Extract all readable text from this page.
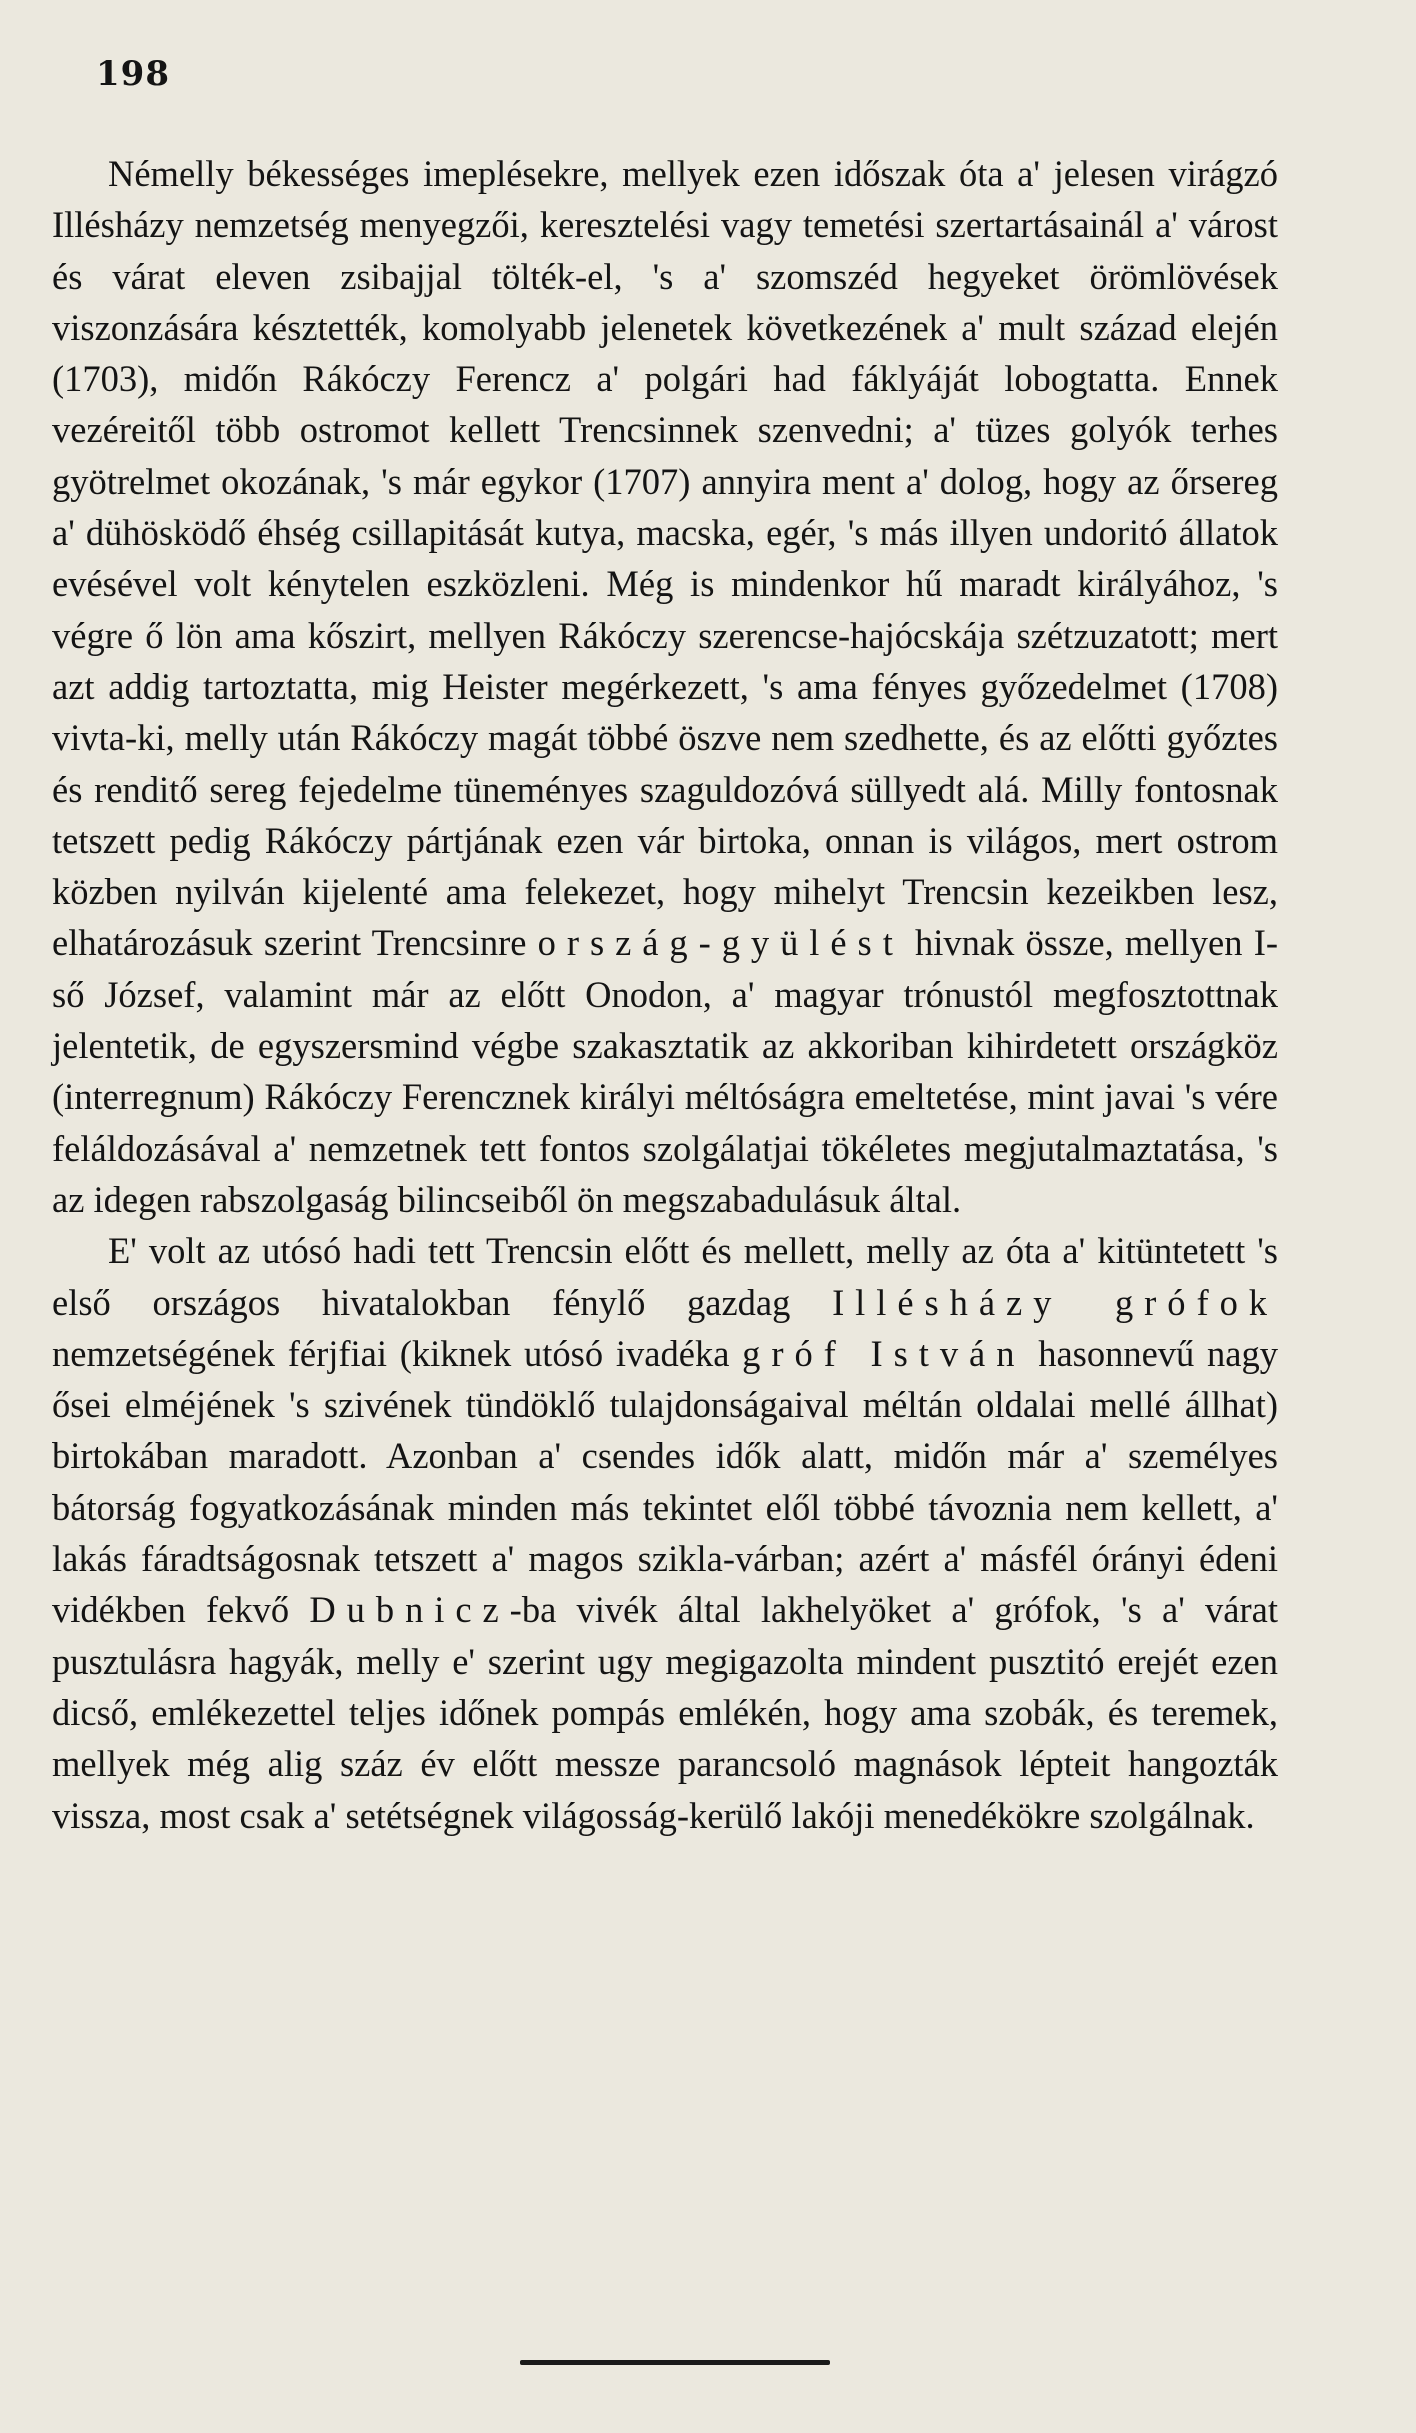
198

Némelly békességes imeplésekre, mellyek ezen időszak óta a' jelesen virágzó Illésházy nemzetség menyegzői, keresztelési vagy temetési szertartásainál a' várost és várat eleven zsibajjal tölték-el, 's a' szomszéd hegyeket örömlövések viszonzására késztették, komolyabb jelenetek következének a' mult század elején (1703), midőn Rákóczy Ferencz a' polgári had fáklyáját lobogtatta. Ennek vezéreitől több ostromot kellett Trencsinnek szenvedni; a' tüzes golyók terhes gyötrelmet okozának, 's már egykor (1707) annyira ment a' dolog, hogy az őrsereg a' dühösködő éhség csillapitását kutya, macska, egér, 's más illyen undoritó állatok evésével volt kénytelen eszközleni. Még is mindenkor hű maradt királyához, 's végre ő lön ama kőszirt, mellyen Rákóczy szerencse-hajócskája szétzuzatott; mert azt addig tartoztatta, mig Heister megérkezett, 's ama fényes győzedelmet (1708) vivta-ki, melly után Rákóczy magát többé öszve nem szedhette, és az előtti győztes és renditő sereg fejedelme tüneményes szaguldozóvá süllyedt alá. Milly fontosnak tetszett pedig Rákóczy pártjának ezen vár birtoka, onnan is világos, mert ostrom közben nyilván kijelenté ama felekezet, hogy mihelyt Trencsin kezeikben lesz, elhatározásuk szerint Trencsinre ország-gyülést hivnak össze, mellyen I-ső József, valamint már az előtt Onodon, a' magyar trónustól megfosztottnak jelentetik, de egyszersmind végbe szakasztatik az akkoriban kihirdetett országköz (interregnum) Rákóczy Ferencznek királyi méltóságra emeltetése, mint javai 's vére feláldozásával a' nemzetnek tett fontos szolgálatjai tökéletes megjutalmaztatása, 's az idegen rabszolgaság bilincseiből ön megszabadulásuk által.

E' volt az utósó hadi tett Trencsin előtt és mellett, melly az óta a' kitüntetett 's első országos hivatalokban fénylő gazdag Illésházy grófok nemzetségének férjfiai (kiknek utósó ivadéka gróf István hasonnevű nagy ősei elméjének 's szivének tündöklő tulajdonságaival méltán oldalai mellé állhat) birtokában maradott. Azonban a' csendes idők alatt, midőn már a' személyes bátorság fogyatkozásának minden más tekintet elől többé távoznia nem kellett, a' lakás fáradtságosnak tetszett a' magos szikla-várban; azért a' másfél órányi édeni vidékben fekvő Dubnicz-ba vivék által lakhelyöket a' grófok, 's a' várat pusztulásra hagyák, melly e' szerint ugy megigazolta mindent pusztitó erejét ezen dicső, emlékezettel teljes időnek pompás emlékén, hogy ama szobák, és teremek, mellyek még alig száz év előtt messze parancsoló magnások lépteit hangozták vissza, most csak a' setétségnek világosság-kerülő lakóji menedékökre szolgálnak.
